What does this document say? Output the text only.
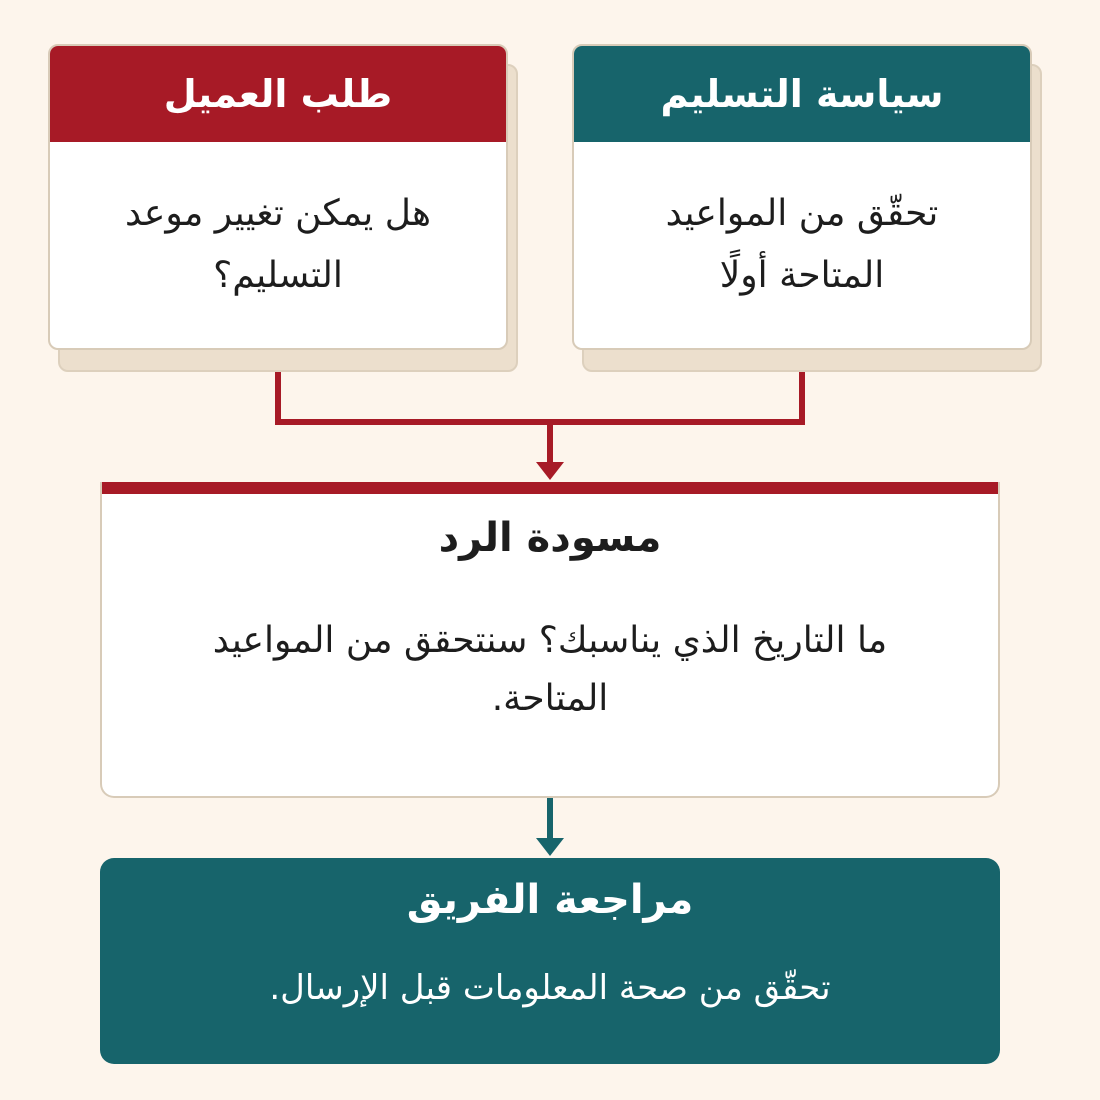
طلب العميل
هل يمكن تغيير موعد التسليم؟
سياسة التسليم
تحقّق من المواعيد المتاحة أولًا
مسودة الرد
ما التاريخ الذي يناسبك؟ سنتحقق من المواعيد المتاحة.
مراجعة الفريق
تحقّق من صحة المعلومات قبل الإرسال.
